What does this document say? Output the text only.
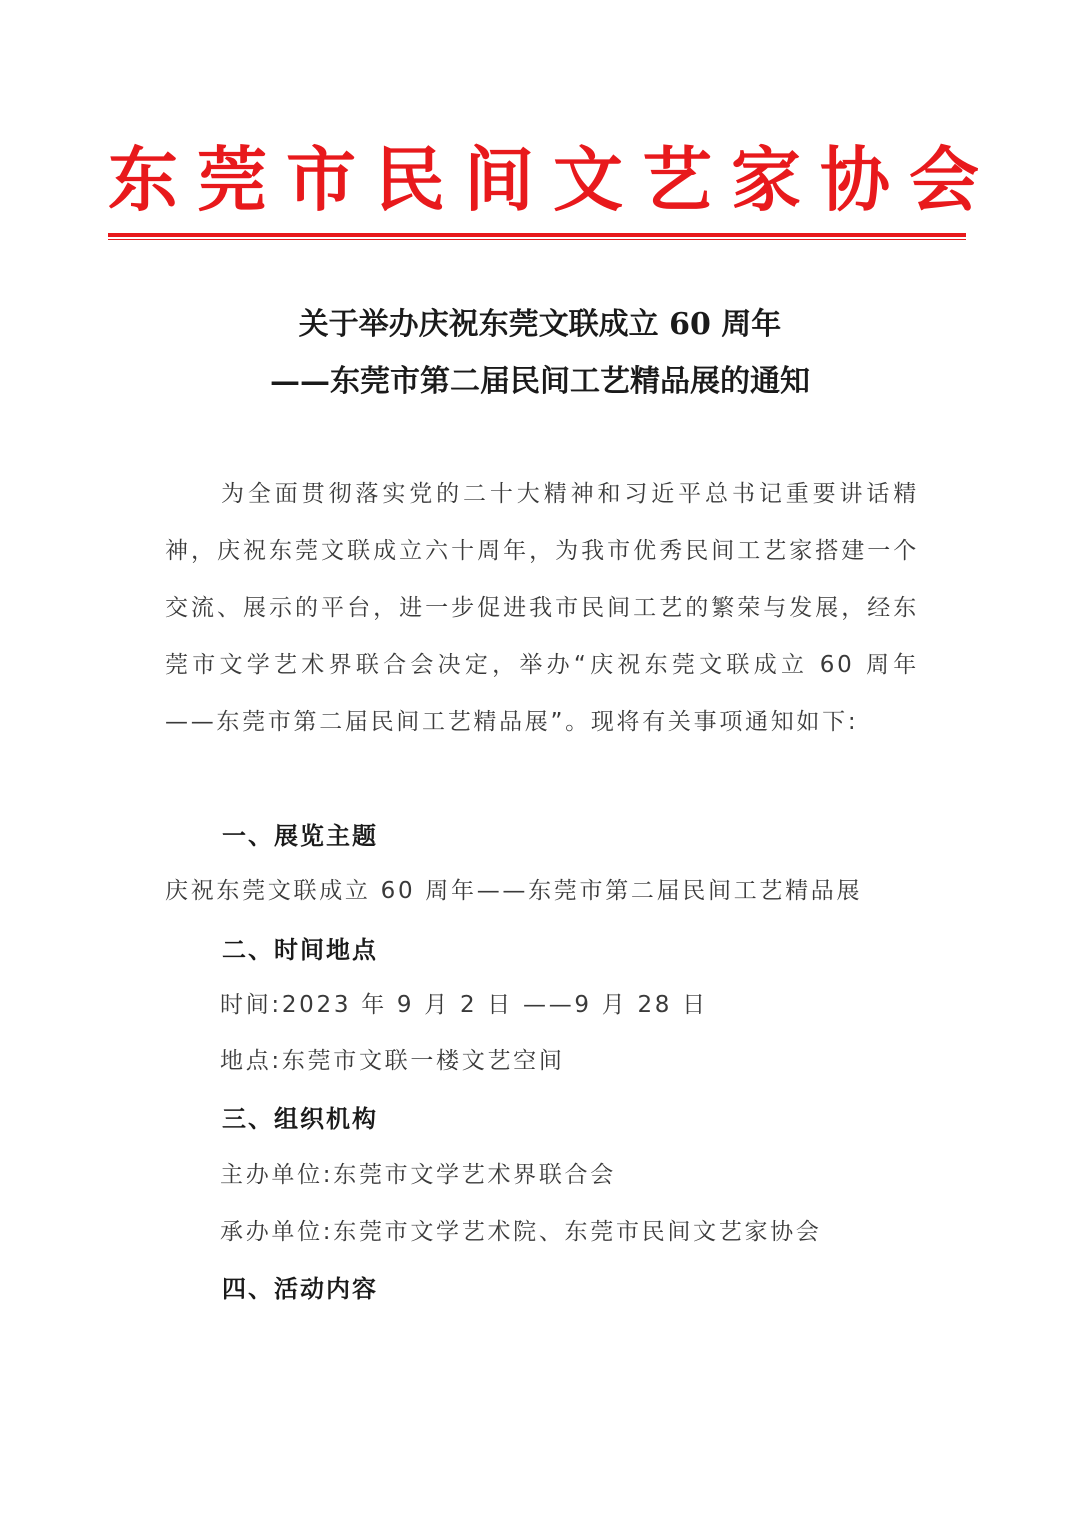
东莞市民间文艺家协会
关于举办庆祝东莞文联成立 60 周年
——东莞市第二届民间工艺精品展的通知

为全面贯彻落实党的二十大精神和习近平总书记重要讲话精神，庆祝东莞文联成立六十周年，为我市优秀民间工艺家搭建一个交流、展示的平台，进一步促进我市民间工艺的繁荣与发展，经东莞市文学艺术界联合会决定，举办“庆祝东莞文联成立 60 周年——东莞市第二届民间工艺精品展”。现将有关事项通知如下:

一、展览主题
庆祝东莞文联成立 60 周年——东莞市第二届民间工艺精品展
二、时间地点
时间:2023 年 9 月 2 日 ——9 月 28 日
地点:东莞市文联一楼文艺空间
三、组织机构
主办单位:东莞市文学艺术界联合会
承办单位:东莞市文学艺术院、东莞市民间文艺家协会
四、活动内容
